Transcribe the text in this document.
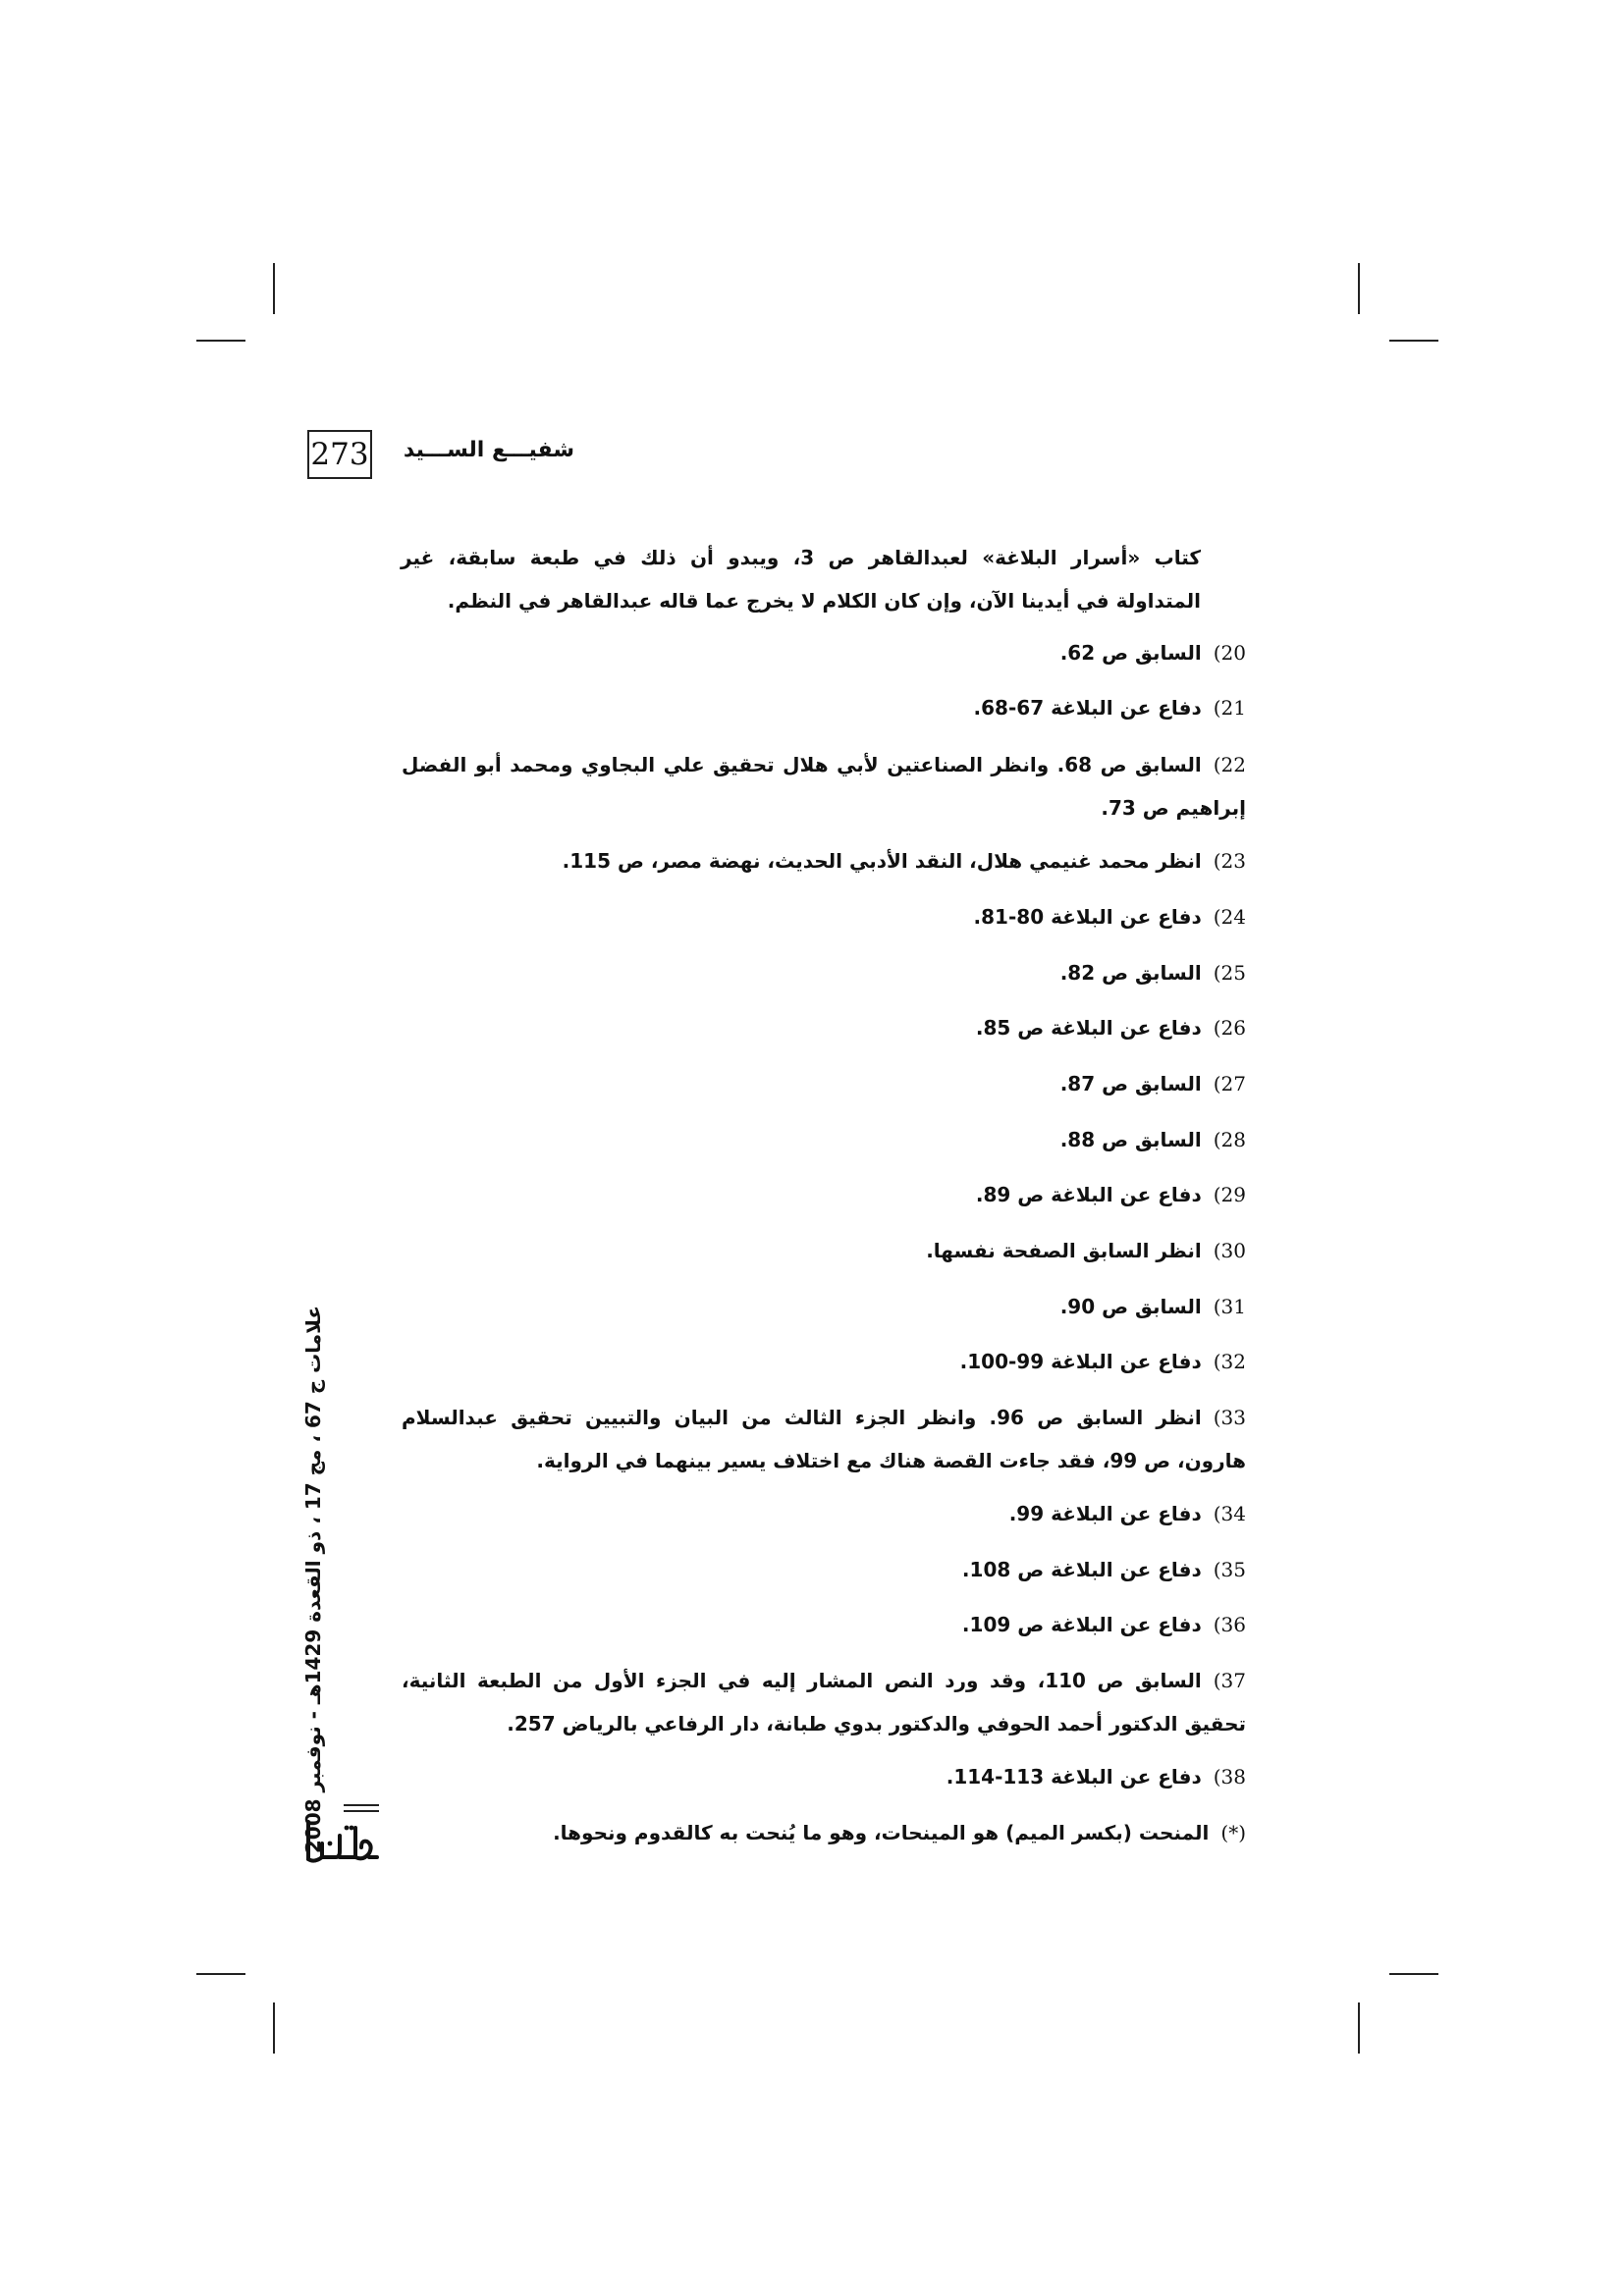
273 شفيـــع الســـيد
كتاب «أسرار البلاغة» لعبدالقاهر ص 3، ويبدو أن ذلك في طبعة سابقة، غير المتداولة في أيدينا الآن، وإن كان الكلام لا يخرج عما قاله عبدالقاهر في النظم.
20)السابق ص 62.
21)دفاع عن البلاغة 67-68.
22)السابق ص 68. وانظر الصناعتين لأبي هلال تحقيق علي البجاوي ومحمد أبو الفضل إبراهيم ص 73.
23)انظر محمد غنيمي هلال، النقد الأدبي الحديث، نهضة مصر، ص 115.
24)دفاع عن البلاغة 80-81.
25)السابق ص 82.
26)دفاع عن البلاغة ص 85.
27)السابق ص 87.
28)السابق ص 88.
29)دفاع عن البلاغة ص 89.
30)انظر السابق الصفحة نفسها.
31)السابق ص 90.
32)دفاع عن البلاغة 99-100.
33)انظر السابق ص 96. وانظر الجزء الثالث من البيان والتبيين تحقيق عبدالسلام هارون، ص 99، فقد جاءت القصة هناك مع اختلاف يسير بينهما في الرواية.
34)دفاع عن البلاغة 99.
35)دفاع عن البلاغة ص 108.
36)دفاع عن البلاغة ص 109.
37)السابق ص 110، وقد ورد النص المشار إليه في الجزء الأول من الطبعة الثانية، تحقيق الدكتور أحمد الحوفي والدكتور بدوي طبانة، دار الرفاعي بالرياض 257.
38)دفاع عن البلاغة 113-114.
(*)المنحت (بكسر الميم) هو المينحات، وهو ما يُنحت به كالقدوم ونحوها.
علامات ج 67 ، مج 17 ، ذو القعدة 1429هـ - نوفمبر 2008
